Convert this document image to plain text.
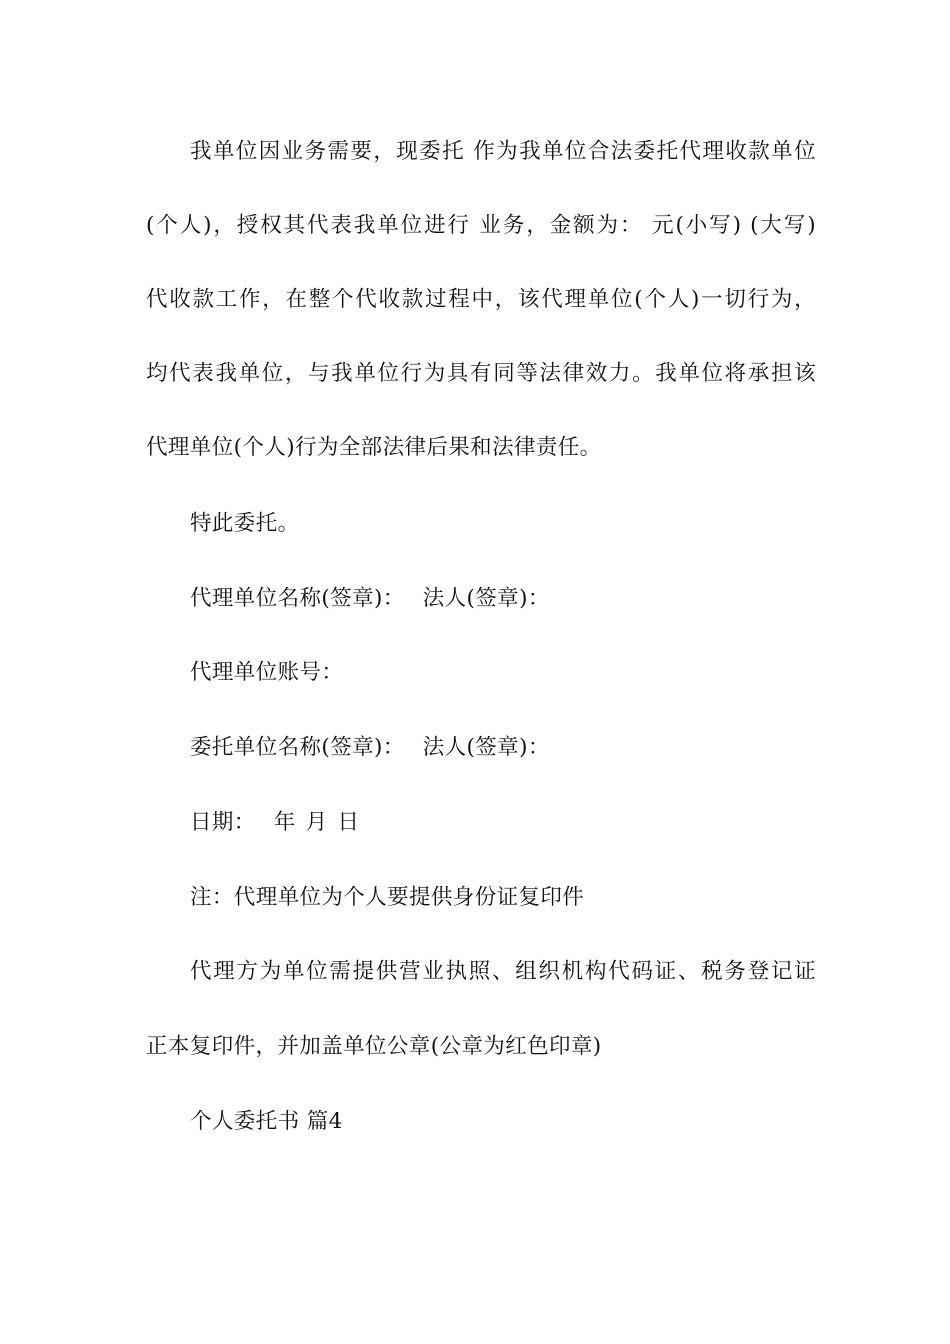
我单位因业务需要，现委托 作为我单位合法委托代理收款单位
(个人)，授权其代表我单位进行 业务，金额为： 元(小写) (大写)
代收款工作，在整个代收款过程中，该代理单位(个人)一切行为，
均代表我单位，与我单位行为具有同等法律效力。我单位将承担该
代理单位(个人)行为全部法律后果和法律责任。
特此委托。
代理单位名称(签章)： 法人(签章)：
代理单位账号：
委托单位名称(签章)： 法人(签章)：
日期： 年 月 日
注：代理单位为个人要提供身份证复印件
代理方为单位需提供营业执照、组织机构代码证、税务登记证
正本复印件，并加盖单位公章(公章为红色印章)
个人委托书 篇4
